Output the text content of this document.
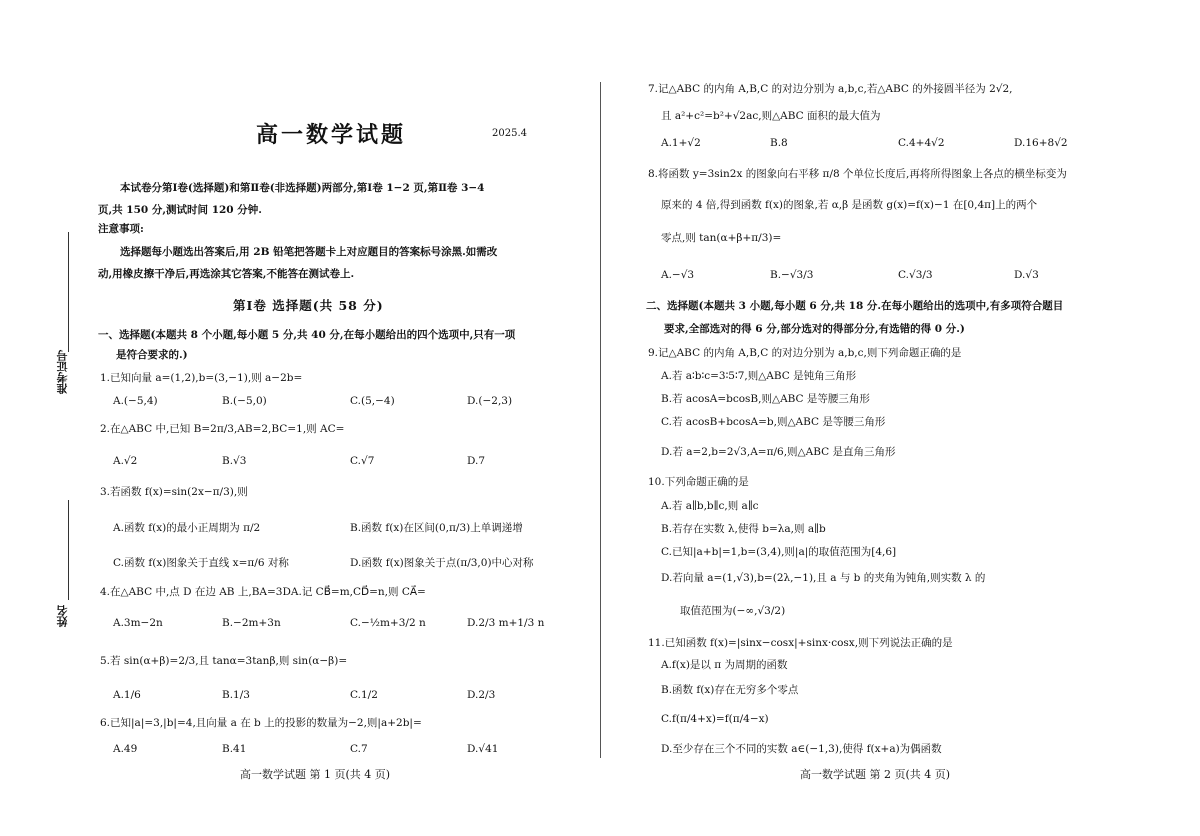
准考证号
姓名
高一数学试题	2025.4
本试卷分第Ⅰ卷(选择题)和第Ⅱ卷(非选择题)两部分,第Ⅰ卷 1−2 页,第Ⅱ卷 3−4
页,共 150 分,测试时间 120 分钟.
注意事项:
选择题每小题选出答案后,用 2B 铅笔把答题卡上对应题目的答案标号涂黑.如需改
动,用橡皮擦干净后,再选涂其它答案,不能答在测试卷上.
第Ⅰ卷 选择题(共 58 分)
一、选择题(本题共 8 个小题,每小题 5 分,共 40 分,在每小题给出的四个选项中,只有一项
是符合要求的.)
1.已知向量 a=(1,2),b=(3,−1),则 a−2b=
A.(−5,4)	B.(−5,0)	C.(5,−4)	D.(−2,3)
2.在△ABC 中,已知 B=2π/3,AB=2,BC=1,则 AC=
A.√2	B.√3	C.√7	D.7
3.若函数 f(x)=sin(2x−π/3),则
A.函数 f(x)的最小正周期为 π/2	B.函数 f(x)在区间(0,π/3)上单调递增
C.函数 f(x)图象关于直线 x=π/6 对称	D.函数 f(x)图象关于点(π/3,0)中心对称
4.在△ABC 中,点 D 在边 AB 上,BA=3DA.记 CB⃗=m,CD⃗=n,则 CA⃗=
A.3m−2n	B.−2m+3n	C.−½m+3/2 n	D.2/3 m+1/3 n
5.若 sin(α+β)=2/3,且 tanα=3tanβ,则 sin(α−β)=
A.1/6	B.1/3	C.1/2	D.2/3
6.已知|a|=3,|b|=4,且向量 a 在 b 上的投影的数量为−2,则|a+2b|=
A.49	B.41	C.7	D.√41
高一数学试题 第 1 页(共 4 页)
7.记△ABC 的内角 A,B,C 的对边分别为 a,b,c,若△ABC 的外接圆半径为 2√2,
且 a²+c²=b²+√2ac,则△ABC 面积的最大值为
A.1+√2	B.8	C.4+4√2	D.16+8√2
8.将函数 y=3sin2x 的图象向右平移 π/8 个单位长度后,再将所得图象上各点的横坐标变为
原来的 4 倍,得到函数 f(x)的图象,若 α,β 是函数 g(x)=f(x)−1 在[0,4π]上的两个
零点,则 tan(α+β+π/3)=
A.−√3	B.−√3/3	C.√3/3	D.√3
二、选择题(本题共 3 小题,每小题 6 分,共 18 分.在每小题给出的选项中,有多项符合题目
要求,全部选对的得 6 分,部分选对的得部分分,有选错的得 0 分.)
9.记△ABC 的内角 A,B,C 的对边分别为 a,b,c,则下列命题正确的是
A.若 a∶b∶c=3∶5∶7,则△ABC 是钝角三角形
B.若 acosA=bcosB,则△ABC 是等腰三角形
C.若 acosB+bcosA=b,则△ABC 是等腰三角形
D.若 a=2,b=2√3,A=π/6,则△ABC 是直角三角形
10.下列命题正确的是
A.若 a∥b,b∥c,则 a∥c
B.若存在实数 λ,使得 b=λa,则 a∥b
C.已知|a+b|=1,b=(3,4),则|a|的取值范围为[4,6]
D.若向量 a=(1,√3),b=(2λ,−1),且 a 与 b 的夹角为钝角,则实数 λ 的
取值范围为(−∞,√3/2)
11.已知函数 f(x)=|sinx−cosx|+sinx·cosx,则下列说法正确的是
A.f(x)是以 π 为周期的函数
B.函数 f(x)存在无穷多个零点
C.f(π/4+x)=f(π/4−x)
D.至少存在三个不同的实数 a∈(−1,3),使得 f(x+a)为偶函数
高一数学试题 第 2 页(共 4 页)
